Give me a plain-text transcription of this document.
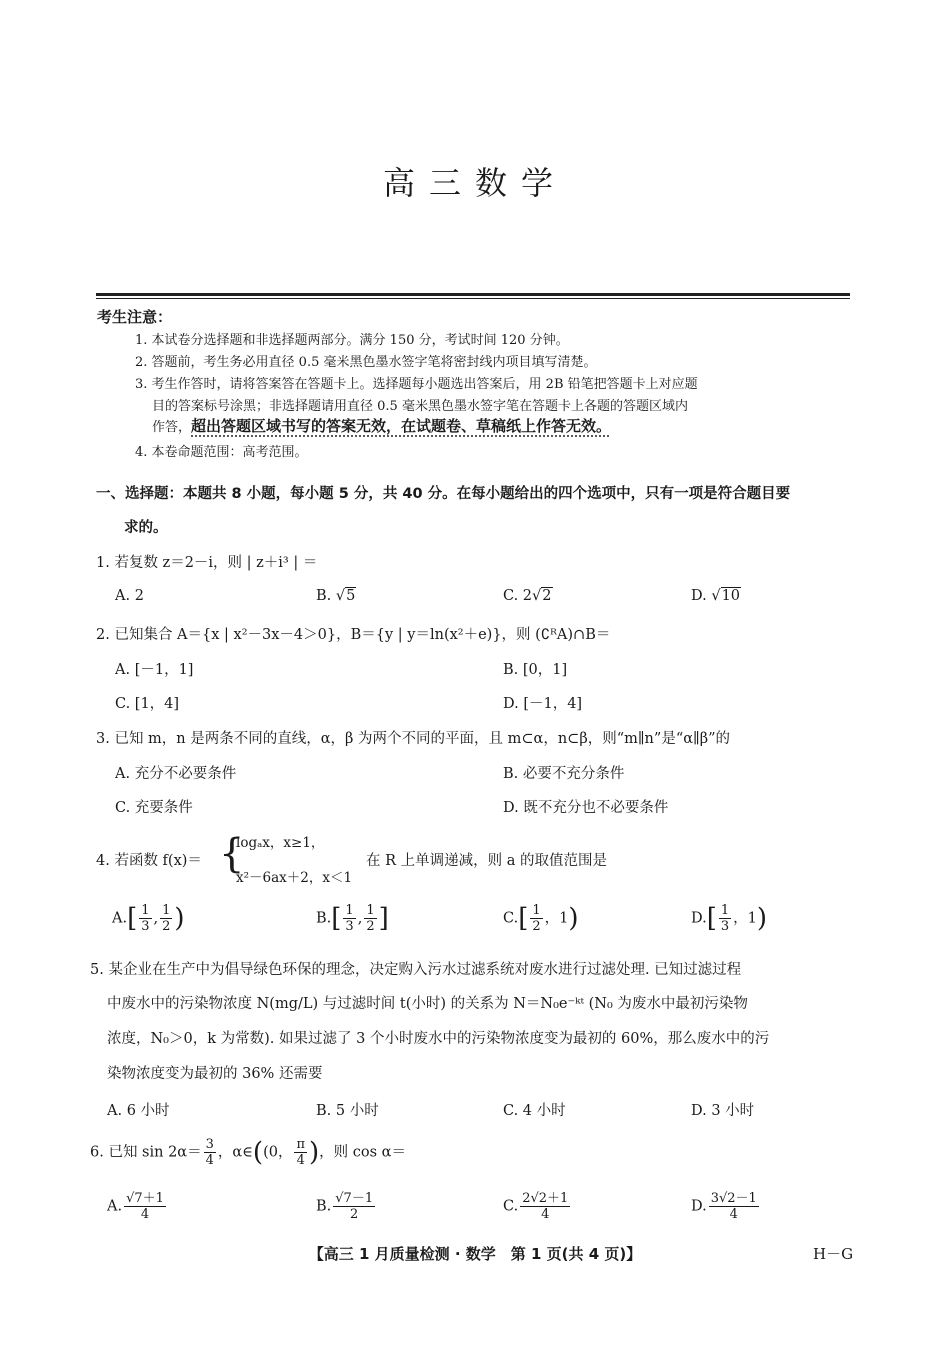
高三数学
考生注意：
1. 本试卷分选择题和非选择题两部分。满分 150 分，考试时间 120 分钟。
2. 答题前，考生务必用直径 0.5 毫米黑色墨水签字笔将密封线内项目填写清楚。
3. 考生作答时，请将答案答在答题卡上。选择题每小题选出答案后，用 2B 铅笔把答题卡上对应题
目的答案标号涂黑；非选择题请用直径 0.5 毫米黑色墨水签字笔在答题卡上各题的答题区域内
作答，超出答题区域书写的答案无效，在试题卷、草稿纸上作答无效。
4. 本卷命题范围：高考范围。
一、选择题：本题共 8 小题，每小题 5 分，共 40 分。在每小题给出的四个选项中，只有一项是符合题目要
求的。
1. 若复数 z＝2－i，则 | z＋i³ | ＝
A. 2	B. √5	C. 2√2	D. √10
2. 已知集合 A＝{x | x²－3x－4＞0}，B＝{y | y＝ln(x²＋e)}，则 (∁ᴿA)∩B＝
A. [－1，1]	B. [0，1]
C. [1，4]	D. [－1，4]
3. 已知 m，n 是两条不同的直线，α，β 为两个不同的平面，且 m⊂α，n⊂β，则“m∥n”是“α∥β”的
A. 充分不必要条件	B. 必要不充分条件
C. 充要条件	D. 既不充分也不必要条件
4. 若函数 f(x)＝ {
logₐx，x≥1，
x²－6ax＋2，x＜1
在 R 上单调递减，则 a 的取值范围是
$A.[ \frac{1}{3}$ , $\frac{1}{2}$ )	$B.[ \frac{1}{3}$ , $\frac{1}{2}$ ]	$C.[ \frac{1}{2}$ ，1)	$D.[ \frac{1}{3}$ ，1)
5. 某企业在生产中为倡导绿色环保的理念，决定购入污水过滤系统对废水进行过滤处理. 已知过滤过程
中废水中的污染物浓度 N(mg/L) 与过滤时间 t(小时) 的关系为 N＝N₀e⁻ᵏᵗ (N₀ 为废水中最初污染物
浓度，N₀＞0，k 为常数). 如果过滤了 3 个小时废水中的污染物浓度变为最初的 60%，那么废水中的污
染物浓度变为最初的 36% 还需要
A. 6 小时	B. 5 小时	C. 4 小时	D. 3 小时
6. 已知 $\sin 2\alpha= \frac{3}{4}$ ，α∈((0， $\frac{\pi}{4}$ )，则 cos α＝
A. $\frac{√7+1}{4}$	B. $\frac{√7-1}{2}$	C. $\frac{2√2+1}{4}$	D. $\frac{3√2-1}{4}$
【高三 1 月质量检测 · 数学　第 1 页(共 4 页)】	H－G
